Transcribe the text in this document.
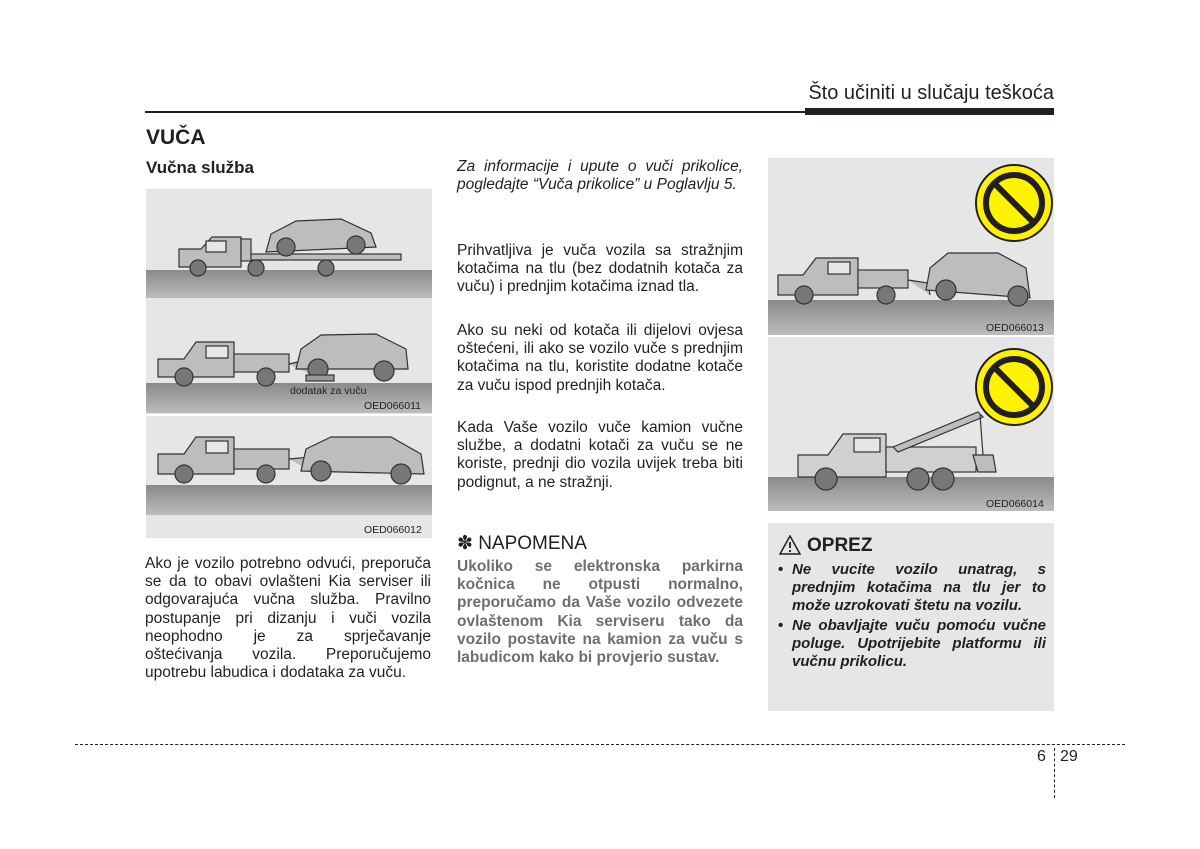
Što učiniti u slučaju teškoća
VUČA
Vučna služba
dodatak za vuču
OED066011
OED066012
Ako je vozilo potrebno odvući, preporuča se da to obavi ovlašteni Kia serviser ili odgovarajuća vučna služba. Pravilno postupanje pri dizanju i vuči vozila neophodno je za sprječavanje oštećivanja vozila. Preporučujemo upotrebu labudica i dodataka za vuču.
Za informacije i upute o vuči prikolice, pogledajte “Vuča prikolice” u Poglavlju 5.
Prihvatljiva je vuča vozila sa stražnjim kotačima na tlu (bez dodatnih kotača za vuču) i prednjim kotačima iznad tla.
Ako su neki od kotača ili dijelovi ovjesa oštećeni, ili ako se vozilo vuče s prednjim kotačima na tlu, koristite dodatne kotače za vuču ispod prednjih kotača.
Kada Vaše vozilo vuče kamion vučne službe, a dodatni kotači za vuču se ne koriste, prednji dio vozila uvijek treba biti podignut, a ne stražnji.
✽ NAPOMENA
Ukoliko se elektronska parkirna kočnica ne otpusti normalno, preporučamo da Vaše vozilo odvezete ovlaštenom Kia serviseru tako da vozilo postavite na kamion za vuču s labudicom kako bi provjerio sustav.
OED066013
OED066014
OPREZ
• Ne vucite vozilo unatrag, s prednjim kotačima na tlu jer to može uzrokovati štetu na vozilu.
• Ne obavljajte vuču pomoću vučne poluge. Upotrijebite platformu ili vučnu prikolicu.
6 29
